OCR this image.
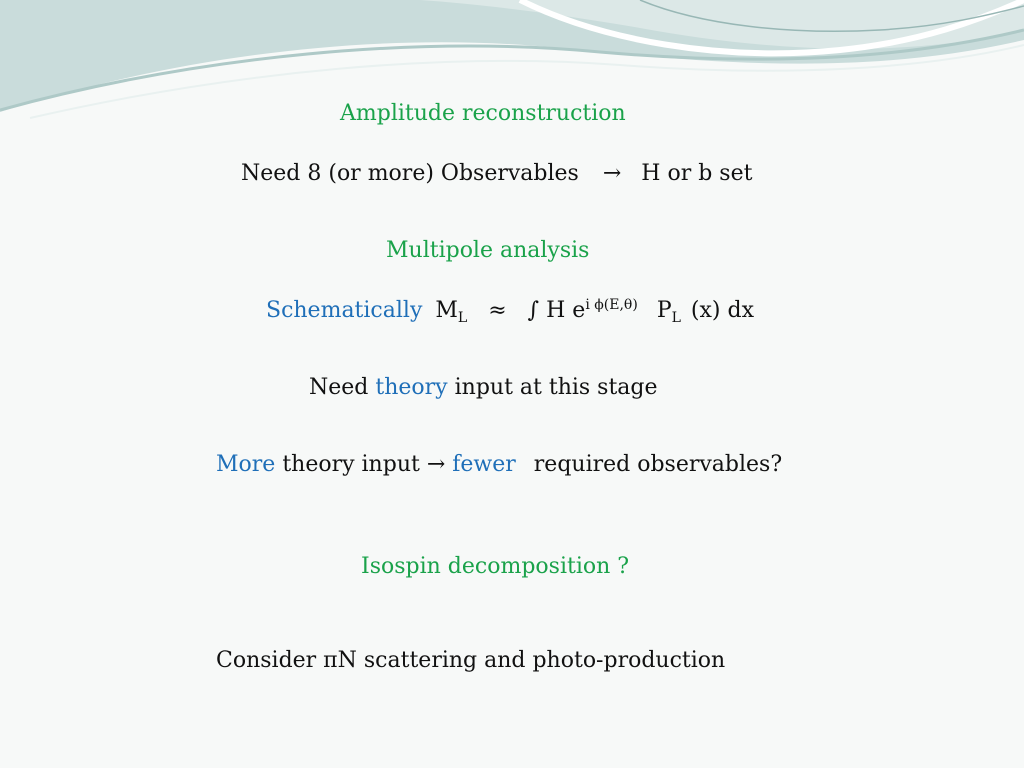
Amplitude reconstruction
Need 8 (or more) Observables → H or b set
Multipole analysis
Schematically $M_L$ ≈ ∫ H $e^{i \phi(E,\theta)}$ $P_L$ (x) dx
Need theory input at this stage
More theory input → fewer required observables?
Isospin decomposition ?
Consider πN scattering and photo-production
